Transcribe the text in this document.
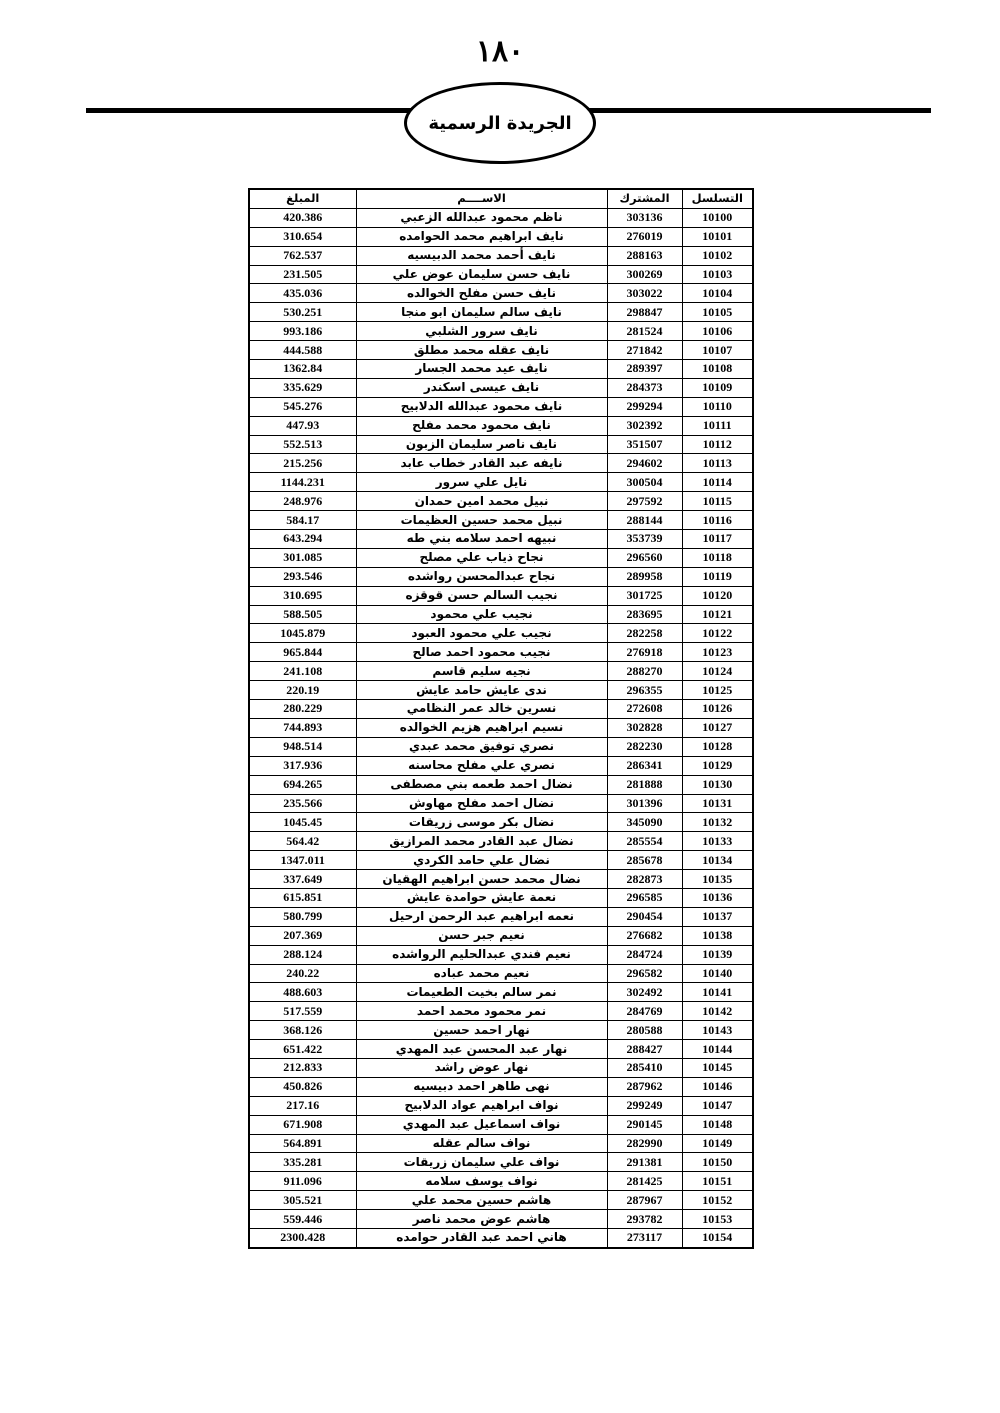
١٨٠
الجريدة الرسمية
التسلسل	المشترك	الاســــم	المبلغ
10100	303136	ناظم محمود عبدالله الزعبي	420.386
10101	276019	نايف ابراهيم محمد الحوامده	310.654
10102	288163	نايف أحمد محمد الدبيسيه	762.537
10103	300269	نايف حسن سليمان عوض علي	231.505
10104	303022	نايف حسن مفلح الخوالده	435.036
10105	298847	نايف سالم سليمان ابو منجا	530.251
10106	281524	نايف سرور الشلبي	993.186
10107	271842	نايف عقله محمد مطلق	444.588
10108	289397	نايف عيد محمد الجسار	1362.84
10109	284373	نايف عيسى اسكندر	335.629
10110	299294	نايف محمود عبدالله الدلابيح	545.276
10111	302392	نايف محمود محمد مفلح	447.93
10112	351507	نايف ناصر سليمان الزبون	552.513
10113	294602	نايفه عبد القادر خطاب عابد	215.256
10114	300504	نايل علي سرور	1144.231
10115	297592	نبيل محمد امين حمدان	248.976
10116	288144	نبيل محمد حسين العظيمات	584.17
10117	353739	نبيهه احمد سلامه بني طه	643.294
10118	296560	نجاح ذياب علي مصلح	301.085
10119	289958	نجاح عبدالمحسن رواشده	293.546
10120	301725	نجيب السالم حسن قوقزه	310.695
10121	283695	نجيب علي محمود	588.505
10122	282258	نجيب علي محمود العبود	1045.879
10123	276918	نجيب محمود احمد صالح	965.844
10124	288270	نجيه سليم قاسم	241.108
10125	296355	ندى عايش حامد عايش	220.19
10126	272608	نسرين خالد عمر النظامي	280.229
10127	302828	نسيم ابراهيم هزيم الخوالده	744.893
10128	282230	نصري توفيق محمد عبدي	948.514
10129	286341	نصري علي مفلح محاسنه	317.936
10130	281888	نضال احمد طعمه بني مصطفى	694.265
10131	301396	نضال احمد مفلح مهاوش	235.566
10132	345090	نضال بكر موسى زريقات	1045.45
10133	285554	نضال عبد القادر محمد المرازيق	564.42
10134	285678	نضال علي حامد الكردي	1347.011
10135	282873	نضال محمد حسن ابراهيم الهقيان	337.649
10136	296585	نعمة عايش حوامدة عايش	615.851
10137	290454	نعمه ابراهيم عبد الرحمن ارحيل	580.799
10138	276682	نعيم جبر حسن	207.369
10139	284724	نعيم فندي عبدالحليم الرواشده	288.124
10140	296582	نعيم محمد عباده	240.22
10141	302492	نمر سالم بخيت الطعيمات	488.603
10142	284769	نمر محمود محمد احمد	517.559
10143	280588	نهار احمد حسين	368.126
10144	288427	نهار عبد المحسن عبد المهدي	651.422
10145	285410	نهار عوض راشد	212.833
10146	287962	نهى طاهر احمد دبيسيه	450.826
10147	299249	نواف ابراهيم عواد الدلابيح	217.16
10148	290145	نواف اسماعيل عبد المهدي	671.908
10149	282990	نواف سالم عقله	564.891
10150	291381	نواف علي سليمان زريقات	335.281
10151	281425	نواف يوسف سلامه	911.096
10152	287967	هاشم حسين محمد علي	305.521
10153	293782	هاشم عوض محمد ناصر	559.446
10154	273117	هاني احمد عبد القادر حوامده	2300.428
